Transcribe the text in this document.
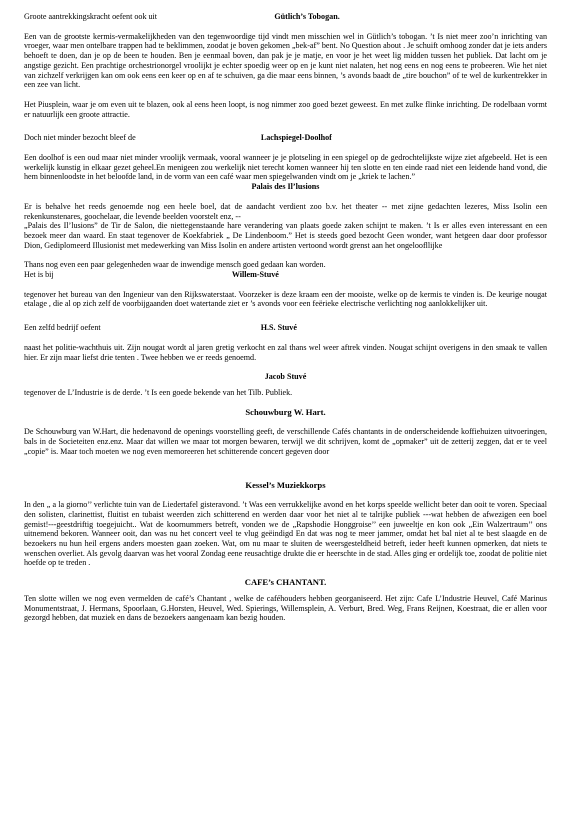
Groote aantrekkingskracht oefent ook uit	Gütlich’s Tobogan.

Een van de grootste kermis-vermakelijkheden van den tegenwoordige tijd vindt men misschien wel in Gütlich’s tobogan. ’t Is niet meer zoo’n inrichting van vroeger, waar men ontelbare trappen had te beklimmen, zoodat je boven gekomen „bek-af” bent. No Question about . Je schuift omhoog zonder dat je iets anders behoeft te doen, dan je op de been te houden. Ben je eenmaal boven, dan pak je je matje, en voor je het weet lig midden tussen het publiek. Dat lacht om je angstige gezicht. Een prachtige orchestrionorgel vroolijkt je echter spoedig weer op en je kunt niet nalaten, het nog eens en nog eens te probeeren. Wie het niet van zichzelf verkrijgen kan om ook eens een keer op en af te schuiven, ga die maar eens binnen, ’s avonds baadt de „tire bouchon” of te wel de kurkentrekker in een zee van licht.

Het Piusplein, waar je om even uit te blazen, ook al eens heen loopt, is nog nimmer zoo goed bezet geweest. En met zulke flinke inrichting. De rodelbaan vormt er natuurlijk een groote attractie.

Doch niet minder bezocht bleef de	Lachspiegel-Doolhof

Een doolhof is een oud maar niet minder vroolijk vermaak, vooral wanneer je je plotseling in een spiegel op de gedrochtelijkste wijze ziet afgebeeld. Het is een werkelijk kunstig in elkaar gezet geheel.En menigeen zou werkelijk niet terecht komen wanneer hij ten slotte en ten einde raad niet een leidende hand vond, die hem binnenloodste in het beloofde land, in de vorm van een café waar men spiegelwanden vindt om je „kriek te lachen.”

Palais des Il’lusions

Er is behalve het reeds genoemde nog een heele boel, dat de aandacht verdient zoo b.v. het theater -- met zijne gedachten lezeres, Miss Isolin een rekenkunstenares, goochelaar, die levende beelden voorstelt enz, --

„Palais des Il’lusions” de Tir de Salon, die niettegenstaande hare verandering van plaats goede zaken schijnt te maken. ’t Is er alles even interessant en een bezoek meer dan waard. En staat tegenover de Koekfabriek „ De Lindenboom.” Het is steeds goed bezocht Geen wonder, want hetgeen daar door professor Dion, Gediplomeerd Illusionist met medewerking van Miss Isolin en andere artisten vertoond wordt grenst aan het ongeloofllijke

Thans nog even een paar gelegenheden waar de inwendige mensch goed gedaan kan worden.

Het is bij	Willem-Stuvé

tegenover het bureau van den Ingenieur van den Rijkswaterstaat. Voorzeker is deze kraam een der mooiste, welke op de kermis te vinden is. De keurige nougat etalage , die al op zich zelf de voorbijgaanden doet watertande ziet er ’s avonds voor een feëriеke electrische verlichting nog aanlokkelijker uit.

Een zelfd bedrijf oefent	H.S. Stuvé

naast het politie-wachthuis uit. Zijn nougat wordt al jaren gretig verkocht en zal thans wel weer aftrek vinden. Nougat schijnt overigens in den smaak te vallen hier. Er zijn maar liefst drie tenten . Twee hebben we er reeds genoemd.

Jacob Stuvé

tegenover de L’Industrie is de derde. ’t Is een goede bekende van het Tilb. Publiek.

Schouwburg W. Hart.

De Schouwburg van W.Hart, die hedenavond de openings voorstelling geeft, de verschillende Cafés chantants in de onderscheidende koffiehuizen uitvoeringen, bals in de Societeiten enz.enz. Maar dat willen we maar tot morgen bewaren, terwijl we dit schrijven, komt de „opmaker” uit de zetterij zeggen, dat er te veel „copie” is. Maar toch moeten we nog even memoreeren het schitterende concert gegeven door

Kessel’s Muziekkorps

In den „ a la giorno’’ verlichte tuin van de Liedertafel gisteravond. ’t Was een verrukkelijke avond en het korps speelde wellicht beter dan ooit te voren. Speciaal den solisten, clarinettist, fluitist en tubaist weerden zich schitterend en werden daar voor het niet al te talrijke publiek ---wat hebben de afwezigen een boel gemist!---geestdriftig toegejuicht.. Wat de koornummers betreft, vonden we de „Rapshodie Honggroise’’ een juweeltje en kon ook „Ein Walzertraum’’ ons uitnemend bekoren. Wanneer ooit, dan was nu het concert veel te vlug geëindigd En dat was nog te meer jammer, omdat het bal niet al te best slaagde en de bezoekers nu hun heil ergens anders moesten gaan zoeken. Wat, om nu maar te sluiten de weersgesteldheid betreft, ieder heeft kunnen opmerken, dat niets te wenschen overliet. Als gevolg daarvan was het vooral Zondag eene reusachtige drukte die er heerschte in de stad. Alles ging er ordelijk toe, zoodat de politie niet hoefde op te treden .

CAFE’s CHANTANT.

Ten slotte willen we nog even vermelden de café’s Chantant , welke de caféhouders hebben georganiseerd. Het zijn: Cafe L’Industrie Heuvel, Café Marinus Monumentstraat, J. Hermans, Spoorlaan, G.Horsten, Heuvel, Wed. Spierings, Willemsplein, A. Verburt, Bred. Weg, Frans Reijnen, Koestraat, die er allen voor gezorgd hebben, dat muziek en dans de bezoekers aangenaam kan bezig houden.
